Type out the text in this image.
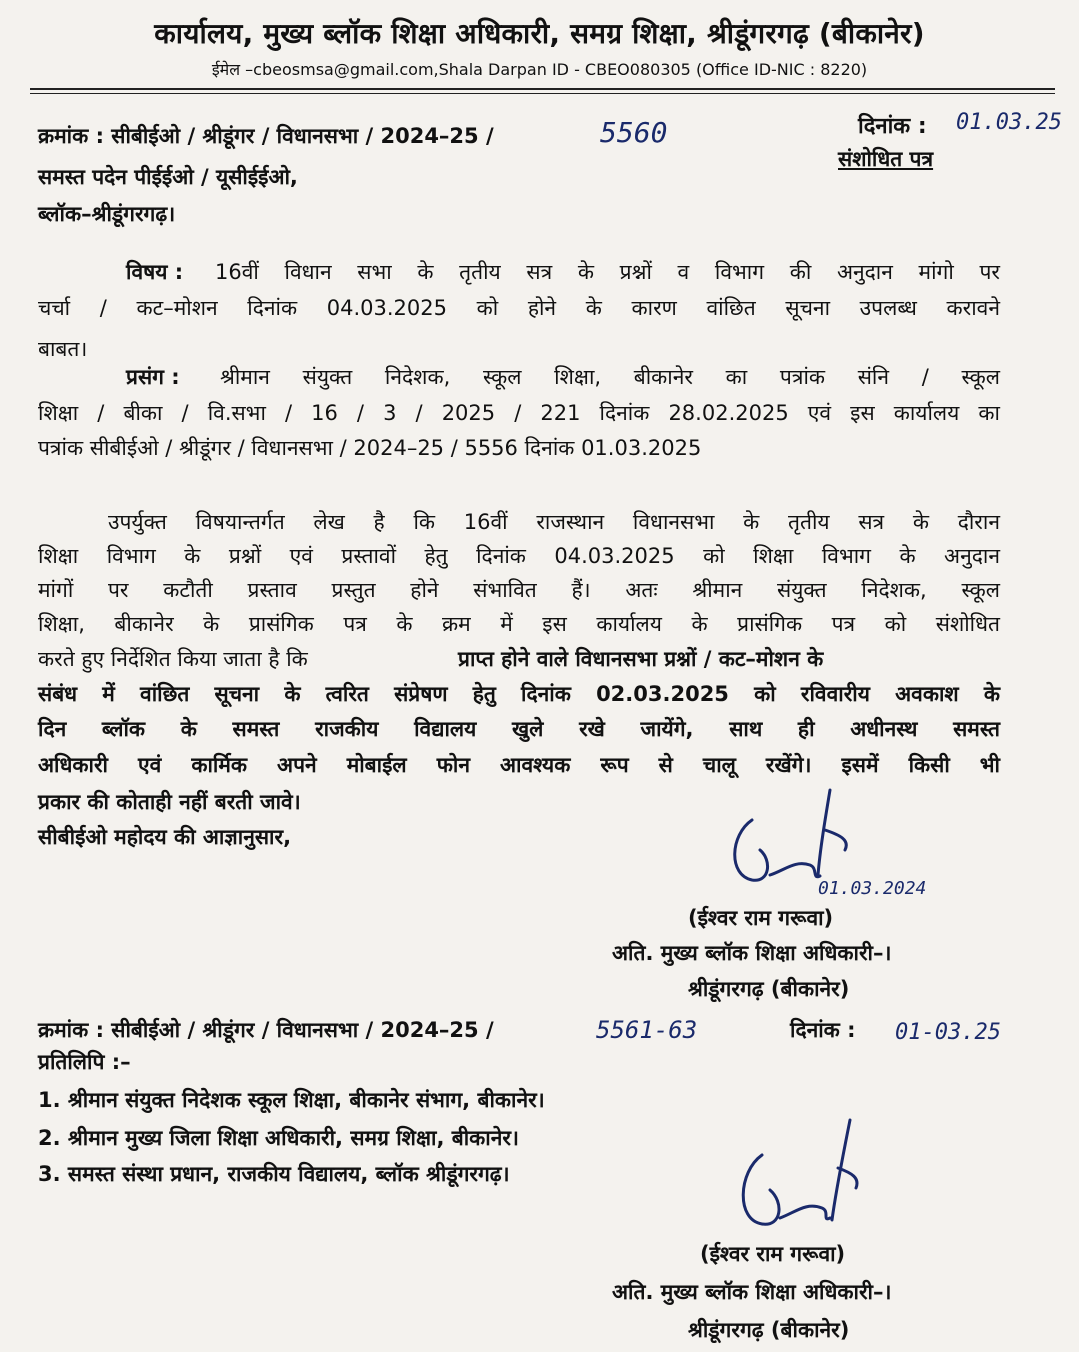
कार्यालय, मुख्य ब्लॉक शिक्षा अधिकारी, समग्र शिक्षा, श्रीडूंगरगढ़ (बीकानेर)
ईमेल –cbeosmsa@gmail.com,Shala Darpan ID - CBEO080305 (Office ID-NIC : 8220)
क्रमांक : सीबीईओ / श्रीडूंगर / विधानसभा / 2024–25 /	5560	दिनांक : 01.03.25
संशोधित पत्र
समस्त पदेन पीईईओ / यूसीईईओ,
ब्लॉक–श्रीडूंगरगढ़।
विषय : 16वीं विधान सभा के तृतीय सत्र के प्रश्नों व विभाग की अनुदान मांगो पर
चर्चा / कट–मोशन दिनांक 04.03.2025 को होने के कारण वांछित सूचना उपलब्ध करावने
बाबत।
प्रसंग : श्रीमान संयुक्त निदेशक, स्कूल शिक्षा, बीकानेर का पत्रांक संनि / स्कूल
शिक्षा / बीका / वि.सभा / 16 / 3 / 2025 / 221 दिनांक 28.02.2025 एवं इस कार्यालय का
पत्रांक सीबीईओ / श्रीडूंगर / विधानसभा / 2024–25 / 5556 दिनांक 01.03.2025
उपर्युक्त विषयान्तर्गत लेख है कि 16वीं राजस्थान विधानसभा के तृतीय सत्र के दौरान
शिक्षा विभाग के प्रश्नों एवं प्रस्तावों हेतु दिनांक 04.03.2025 को शिक्षा विभाग के अनुदान
मांगों पर कटौती प्रस्ताव प्रस्तुत होने संभावित हैं। अतः श्रीमान संयुक्त निदेशक, स्कूल
शिक्षा, बीकानेर के प्रासंगिक पत्र के क्रम में इस कार्यालय के प्रासंगिक पत्र को संशोधित
करते हुए निर्देशित किया जाता है कि	प्राप्त होने वाले विधानसभा प्रश्नों / कट–मोशन के
संबंध में वांछित सूचना के त्वरित संप्रेषण हेतु दिनांक 02.03.2025 को रविवारीय अवकाश के
दिन ब्लॉक के समस्त राजकीय विद्यालय खुले रखे जायेंगे, साथ ही अधीनस्थ समस्त
अधिकारी एवं कार्मिक अपने मोबाईल फोन आवश्यक रूप से चालू रखेंगे। इसमें किसी भी
प्रकार की कोताही नहीं बरती जावे।
सीबीईओ महोदय की आज्ञानुसार,
01.03.2024
(ईश्वर राम गरूवा)
अति. मुख्य ब्लॉक शिक्षा अधिकारी–।
श्रीडूंगरगढ़ (बीकानेर)
क्रमांक : सीबीईओ / श्रीडूंगर / विधानसभा / 2024–25 /	5561-63	दिनांक : 01-03.25
प्रतिलिपि :–
1. श्रीमान संयुक्त निदेशक स्कूल शिक्षा, बीकानेर संभाग, बीकानेर।
2. श्रीमान मुख्य जिला शिक्षा अधिकारी, समग्र शिक्षा, बीकानेर।
3. समस्त संस्था प्रधान, राजकीय विद्यालय, ब्लॉक श्रीडूंगरगढ़।
(ईश्वर राम गरूवा)
अति. मुख्य ब्लॉक शिक्षा अधिकारी–।
श्रीडूंगरगढ़ (बीकानेर)
